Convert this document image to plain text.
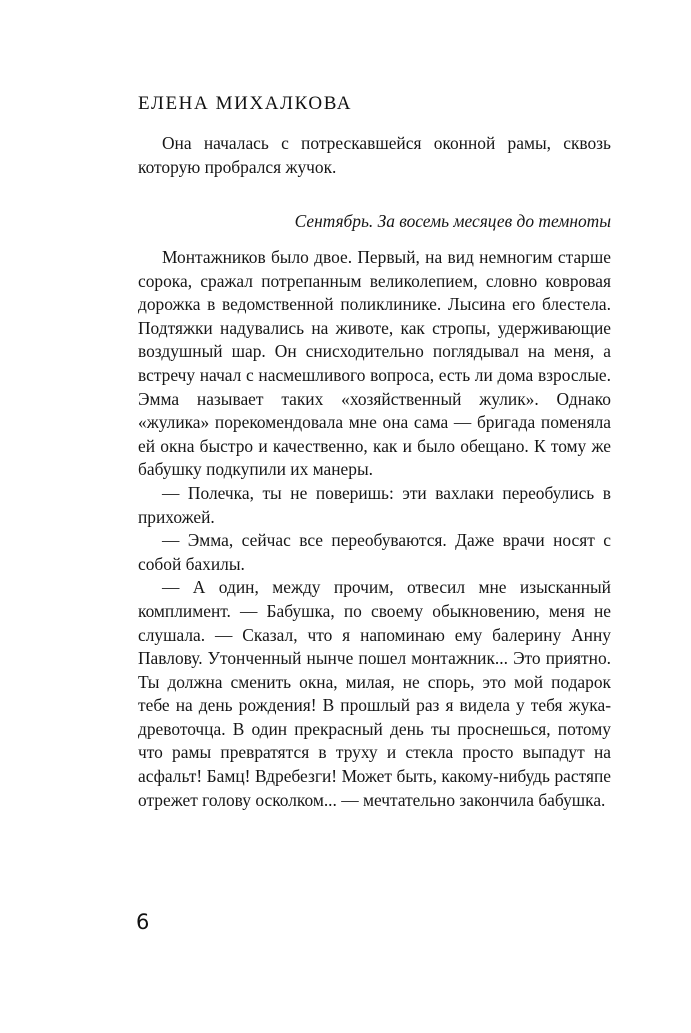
ЕЛЕНА МИХАЛКОВА

Она началась с потрескавшейся оконной рамы, сквозь которую пробрался жучок.

Сентябрь. За восемь месяцев до темноты

Монтажников было двое. Первый, на вид немногим старше сорока, сражал потрепанным великолепием, словно ковровая дорожка в ведомственной поликлинике. Лысина его блестела. Подтяжки надувались на животе, как стропы, удерживающие воздушный шар. Он снисходительно поглядывал на меня, а встречу начал с насмешливого вопроса, есть ли дома взрослые. Эмма называет таких «хозяйственный жулик». Однако «жулика» порекомендовала мне она сама — бригада поменяла ей окна быстро и качественно, как и было обещано. К тому же бабушку подкупили их манеры.

— Полечка, ты не поверишь: эти вахлаки переобулись в прихожей.

— Эмма, сейчас все переобуваются. Даже врачи носят с собой бахилы.

— А один, между прочим, отвесил мне изысканный комплимент. — Бабушка, по своему обыкновению, меня не слушала. — Сказал, что я напоминаю ему балерину Анну Павлову. Утонченный нынче пошел монтажник... Это приятно. Ты должна сменить окна, милая, не спорь, это мой подарок тебе на день рождения! В прошлый раз я видела у тебя жука-древоточца. В один прекрасный день ты проснешься, потому что рамы превратятся в труху и стекла просто выпадут на асфальт! Бамц! Вдребезги! Может быть, какому-нибудь растяпе отрежет голову осколком... — мечтательно закончила бабушка.

6
